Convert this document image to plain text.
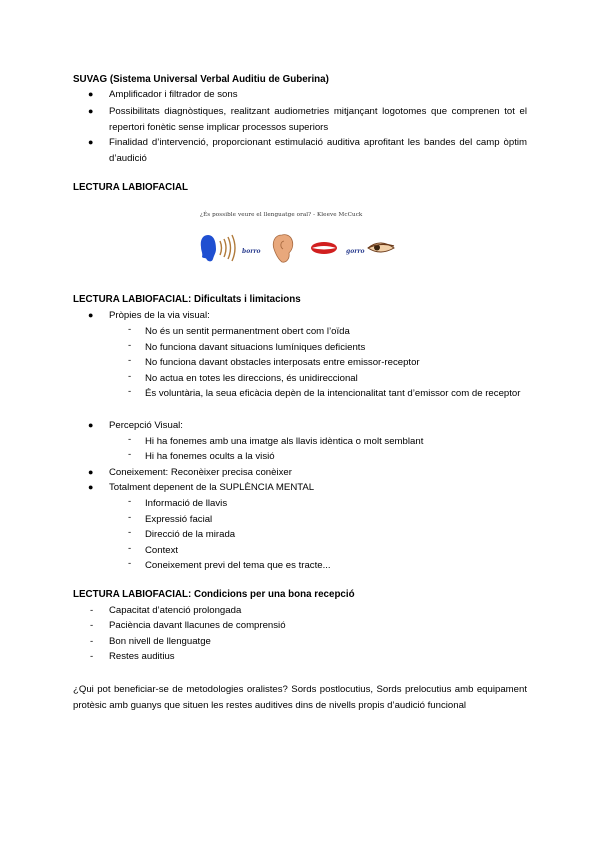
SUVAG (Sistema Universal Verbal Auditiu de Guberina)
● Amplificador i filtrador de sons
● Possibilitats diagnòstiques, realitzant audiometries mitjançant logotomes que comprenen tot el repertori fonètic sense implicar processos superiors
● Finalidad d’intervenció, proporcionant estimulació auditiva aprofitant les bandes del camp òptim d’audició
LECTURA LABIOFACIAL
¿És possible veure el llenguatge oral? - Kleeve McCuck
borro	gorro
LECTURA LABIOFACIAL: Dificultats i limitacions
● Pròpies de la via visual:
- No és un sentit permanentment obert com l’oïda
- No funciona davant situacions lumíniques deficients
- No funciona davant obstacles interposats entre emissor-receptor
- No actua en totes les direccions, és unidireccional
- És voluntària, la seua eficàcia depèn de la intencionalitat tant d’emissor com de receptor
● Percepció Visual:
- Hi ha fonemes amb una imatge als llavis idèntica o molt semblant
- Hi ha fonemes ocults a la visió
● Coneixement: Reconèixer precisa conèixer
● Totalment depenent de la SUPLÈNCIA MENTAL
- Informació de llavis
- Expressió facial
- Direcció de la mirada
- Context
- Coneixement previ del tema que es tracte...
LECTURA LABIOFACIAL: Condicions per una bona recepció
- Capacitat d’atenció prolongada
- Paciència davant llacunes de comprensió
- Bon nivell de llenguatge
- Restes auditius
¿Qui pot beneficiar-se de metodologies oralistes? Sords postlocutius, Sords prelocutius amb equipament protèsic amb guanys que situen les restes auditives dins de nivells propis d’audició funcional
